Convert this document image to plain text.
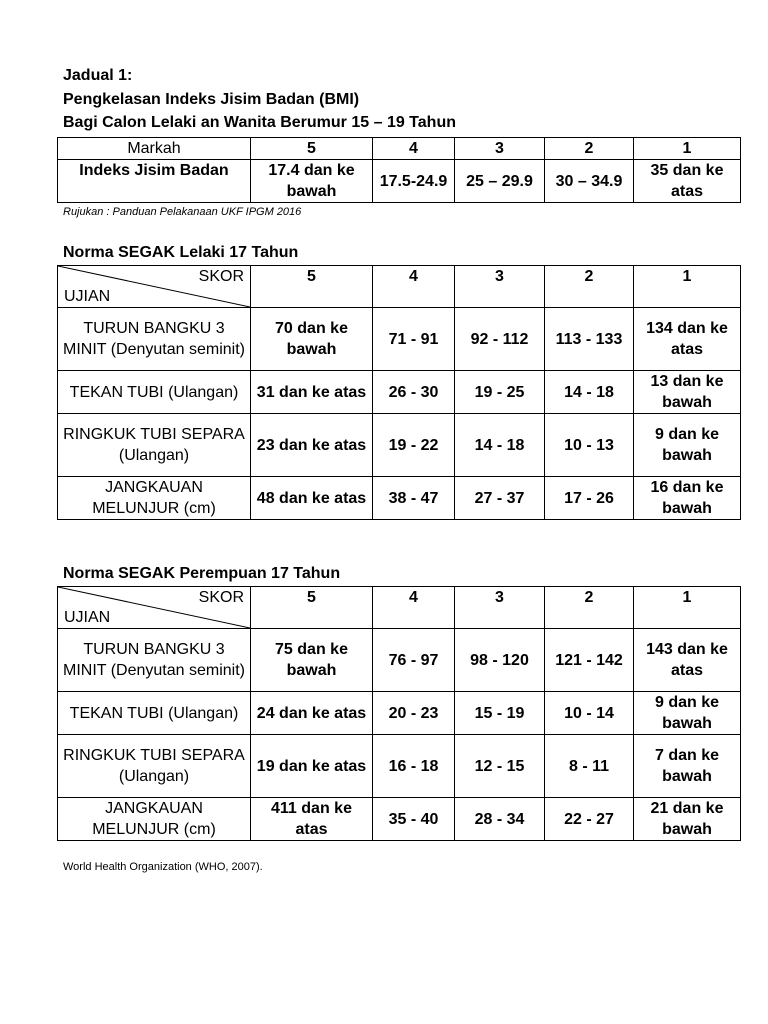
Jadual 1:
Pengkelasan Indeks Jisim Badan (BMI)
Bagi Calon Lelaki an Wanita Berumur 15 – 19 Tahun
Markah	5	4	3	2	1
Indeks Jisim Badan	17.4 dan ke bawah	17.5-24.9	25 – 29.9	30 – 34.9	35 dan ke atas
Rujukan : Panduan Pelakanaan UKF IPGM 2016
Norma SEGAK Lelaki 17 Tahun
SKOR
UJIAN	5	4	3	2	1
TURUN BANGKU 3 MINIT (Denyutan seminit)	70 dan ke bawah	71 - 91	92 - 112	113 - 133	134 dan ke atas
TEKAN TUBI (Ulangan)	31 dan ke atas	26 - 30	19 - 25	14 - 18	13 dan ke bawah
RINGKUK TUBI SEPARA (Ulangan)	23 dan ke atas	19 - 22	14 - 18	10 - 13	9 dan ke bawah
JANGKAUAN MELUNJUR (cm)	48 dan ke atas	38 - 47	27 - 37	17 - 26	16 dan ke bawah
Norma SEGAK Perempuan 17 Tahun
SKOR
UJIAN	5	4	3	2	1
TURUN BANGKU 3 MINIT (Denyutan seminit)	75 dan ke bawah	76 - 97	98 - 120	121 - 142	143 dan ke atas
TEKAN TUBI (Ulangan)	24 dan ke atas	20 - 23	15 - 19	10 - 14	9 dan ke bawah
RINGKUK TUBI SEPARA (Ulangan)	19 dan ke atas	16 - 18	12 - 15	8 - 11	7 dan ke bawah
JANGKAUAN MELUNJUR (cm)	411 dan ke atas	35 - 40	28 - 34	22 - 27	21 dan ke bawah
World Health Organization (WHO, 2007).
